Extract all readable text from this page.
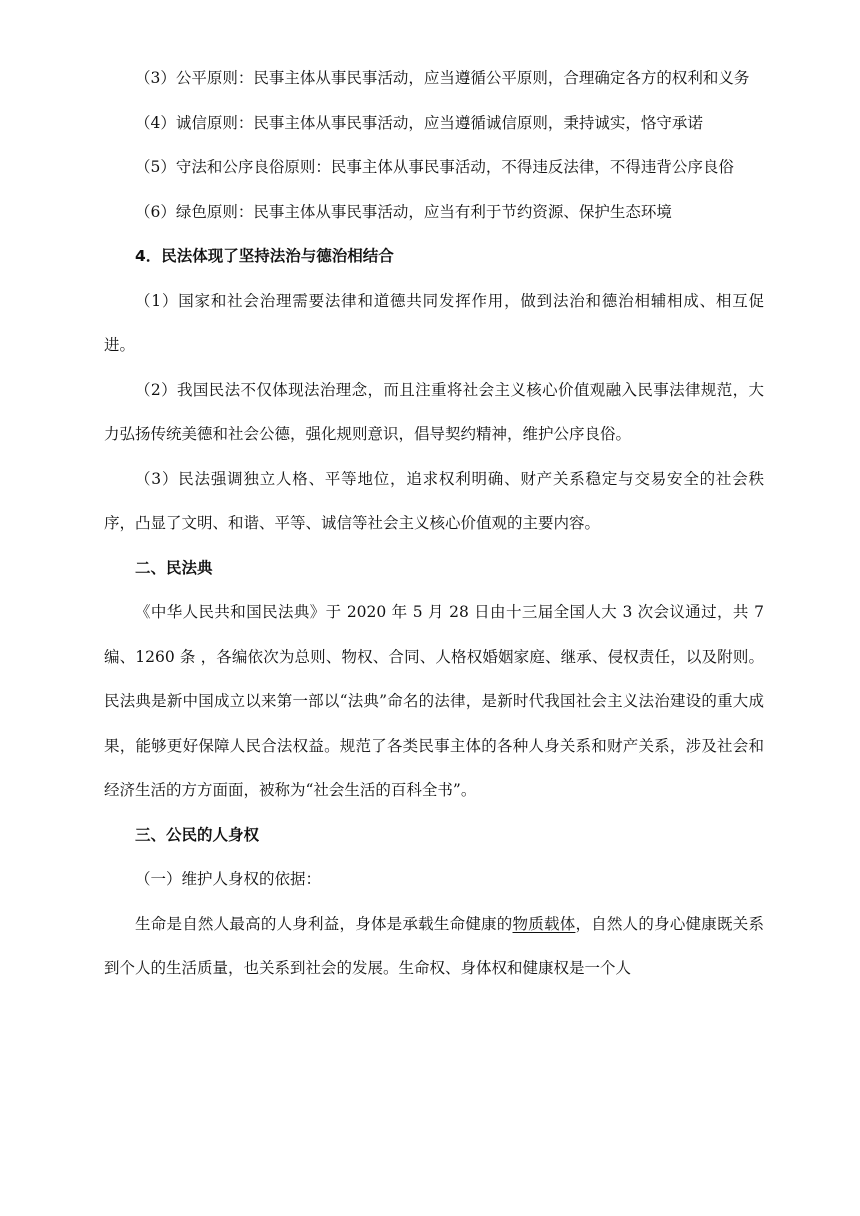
（3）公平原则：民事主体从事民事活动，应当遵循公平原则，合理确定各方的权利和义务

（4）诚信原则：民事主体从事民事活动，应当遵循诚信原则，秉持诚实，恪守承诺

（5）守法和公序良俗原则：民事主体从事民事活动，不得违反法律，不得违背公序良俗

（6）绿色原则：民事主体从事民事活动，应当有利于节约资源、保护生态环境

4．民法体现了坚持法治与德治相结合

（1）国家和社会治理需要法律和道德共同发挥作用，做到法治和德治相辅相成、相互促进。

（2）我国民法不仅体现法治理念，而且注重将社会主义核心价值观融入民事法律规范，大力弘扬传统美德和社会公德，强化规则意识，倡导契约精神，维护公序良俗。

（3）民法强调独立人格、平等地位，追求权利明确、财产关系稳定与交易安全的社会秩序，凸显了文明、和谐、平等、诚信等社会主义核心价值观的主要内容。

二、民法典

《中华人民共和国民法典》于 2020 年 5 月 28 日由十三届全国人大 3 次会议通过，共 7 编、1260 条 ，各编依次为总则、物权、合同、人格权婚姻家庭、继承、侵权责任，以及附则。民法典是新中国成立以来第一部以“法典”命名的法律，是新时代我国社会主义法治建设的重大成果，能够更好保障人民合法权益。规范了各类民事主体的各种人身关系和财产关系，涉及社会和经济生活的方方面面，被称为“社会生活的百科全书”。

三、公民的人身权

（一）维护人身权的依据：

生命是自然人最高的人身利益，身体是承载生命健康的物质载体，自然人的身心健康既关系到个人的生活质量，也关系到社会的发展。生命权、身体权和健康权是一个人
